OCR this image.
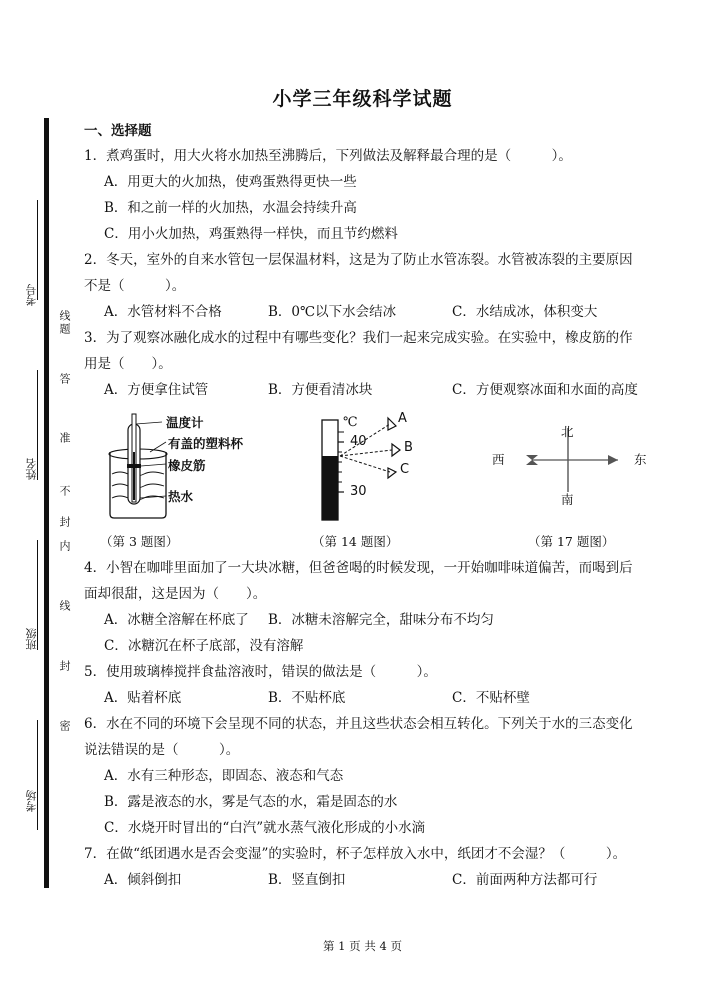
考号
姓名
班级
考场
线
题
答
准
不
封
内
线
封
密
小学三年级科学试题
一、选择题
1．煮鸡蛋时，用大火将水加热至沸腾后，下列做法及解释最合理的是（　　　）。
A．用更大的火加热，使鸡蛋熟得更快一些
B．和之前一样的火加热，水温会持续升高
C．用小火加热，鸡蛋熟得一样快，而且节约燃料
2．冬天，室外的自来水管包一层保温材料，这是为了防止水管冻裂。水管被冻裂的主要原因
不是（　　　）。
A．水管材料不合格	B．0℃以下水会结冰	C．水结成冰，体积变大
3．为了观察冰融化成水的过程中有哪些变化？我们一起来完成实验。在实验中，橡皮筋的作
用是（　　）。
A．方便拿住试管	B．方便看清冰块	C．方便观察冰面和水面的高度
温度计
有盖的塑料杯
橡皮筋
热水
（第 3 题图）
℃
40
30
A
B
C
（第 14 题图）
北
西	东
南
（第 17 题图）
4．小智在咖啡里面加了一大块冰糖，但爸爸喝的时候发现，一开始咖啡味道偏苦，而喝到后
面却很甜，这是因为（　　）。
A．冰糖全溶解在杯底了 B．冰糖未溶解完全，甜味分布不均匀
C．冰糖沉在杯子底部，没有溶解
5．使用玻璃棒搅拌食盐溶液时，错误的做法是（　　　）。
A．贴着杯底	B．不贴杯底	C．不贴杯壁
6．水在不同的环境下会呈现不同的状态，并且这些状态会相互转化。下列关于水的三态变化
说法错误的是（　　　）。
A．水有三种形态，即固态、液态和气态
B．露是液态的水，雾是气态的水，霜是固态的水
C．水烧开时冒出的“白汽”就水蒸气液化形成的小水滴
7．在做“纸团遇水是否会变湿”的实验时，杯子怎样放入水中，纸团才不会湿？（　　　）。
A．倾斜倒扣	B．竖直倒扣	C．前面两种方法都可行
第 1 页 共 4 页
